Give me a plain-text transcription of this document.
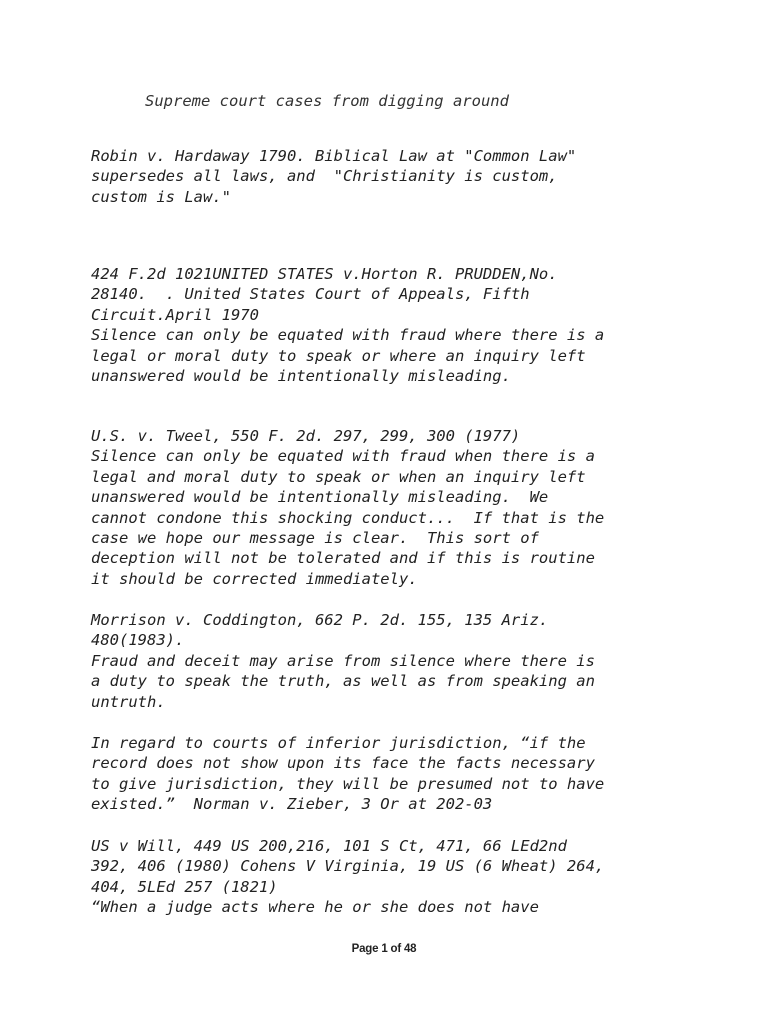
Supreme court cases from digging around
Robin v. Hardaway 1790. Biblical Law at "Common Law"
supersedes all laws, and  "Christianity is custom,
custom is Law."
424 F.2d 1021UNITED STATES v.Horton R. PRUDDEN,No.
28140.  . United States Court of Appeals, Fifth
Circuit.April 1970
Silence can only be equated with fraud where there is a
legal or moral duty to speak or where an inquiry left
unanswered would be intentionally misleading.
U.S. v. Tweel, 550 F. 2d. 297, 299, 300 (1977)
Silence can only be equated with fraud when there is a
legal and moral duty to speak or when an inquiry left
unanswered would be intentionally misleading.  We
cannot condone this shocking conduct...  If that is the
case we hope our message is clear.  This sort of
deception will not be tolerated and if this is routine
it should be corrected immediately.
Morrison v. Coddington, 662 P. 2d. 155, 135 Ariz.
480(1983).
Fraud and deceit may arise from silence where there is
a duty to speak the truth, as well as from speaking an
untruth.
In regard to courts of inferior jurisdiction, “if the
record does not show upon its face the facts necessary
to give jurisdiction, they will be presumed not to have
existed.”  Norman v. Zieber, 3 Or at 202-03
US v Will, 449 US 200,216, 101 S Ct, 471, 66 LEd2nd
392, 406 (1980) Cohens V Virginia, 19 US (6 Wheat) 264,
404, 5LEd 257 (1821)
“When a judge acts where he or she does not have
Page 1 of 48
